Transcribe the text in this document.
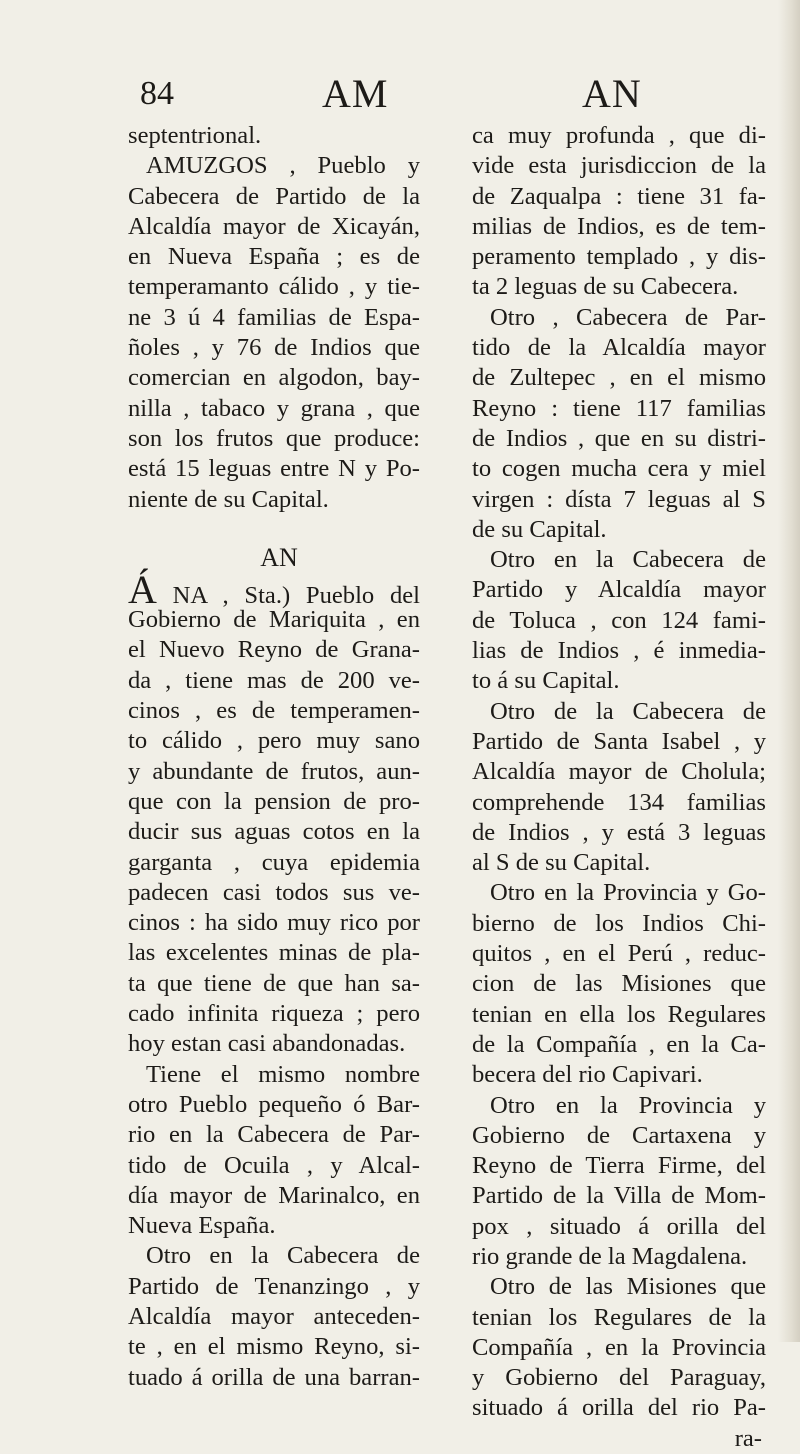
84	AM	AN
septentrional.
AMUZGOS , Pueblo y
Cabecera de Partido de la
Alcaldía mayor de Xicayán,
en Nueva España ; es de
temperamanto cálido , y tie-
ne 3 ú 4 familias de Espa-
ñoles , y 76 de Indios que
comercian en algodon, bay-
nilla , tabaco y grana , que
son los frutos que produce:
está 15 leguas entre N y Po-
niente de su Capital.
AN
Á NA , Sta.) Pueblo del
Gobierno de Mariquita , en
el Nuevo Reyno de Grana-
da , tiene mas de 200 ve-
cinos , es de temperamen-
to cálido , pero muy sano
y abundante de frutos, aun-
que con la pension de pro-
ducir sus aguas cotos en la
garganta , cuya epidemia
padecen casi todos sus ve-
cinos : ha sido muy rico por
las excelentes minas de pla-
ta que tiene de que han sa-
cado infinita riqueza ; pero
hoy estan casi abandonadas.
Tiene el mismo nombre
otro Pueblo pequeño ó Bar-
rio en la Cabecera de Par-
tido de Ocuila , y Alcal-
día mayor de Marinalco, en
Nueva España.
Otro en la Cabecera de
Partido de Tenanzingo , y
Alcaldía mayor anteceden-
te , en el mismo Reyno, si-
tuado á orilla de una barran-
ca muy profunda , que di-
vide esta jurisdiccion de la
de Zaqualpa : tiene 31 fa-
milias de Indios, es de tem-
peramento templado , y dis-
ta 2 leguas de su Cabecera.
Otro , Cabecera de Par-
tido de la Alcaldía mayor
de Zultepec , en el mismo
Reyno : tiene 117 familias
de Indios , que en su distri-
to cogen mucha cera y miel
virgen : dísta 7 leguas al S
de su Capital.
Otro en la Cabecera de
Partido y Alcaldía mayor
de Toluca , con 124 fami-
lias de Indios , é inmedia-
to á su Capital.
Otro de la Cabecera de
Partido de Santa Isabel , y
Alcaldía mayor de Cholula;
comprehende 134 familias
de Indios , y está 3 leguas
al S de su Capital.
Otro en la Provincia y Go-
bierno de los Indios Chi-
quitos , en el Perú , reduc-
cion de las Misiones que
tenian en ella los Regulares
de la Compañía , en la Ca-
becera del rio Capivari.
Otro en la Provincia y
Gobierno de Cartaxena y
Reyno de Tierra Firme, del
Partido de la Villa de Mom-
pox , situado á orilla del
rio grande de la Magdalena.
Otro de las Misiones que
tenian los Regulares de la
Compañía , en la Provincia
y Gobierno del Paraguay,
situado á orilla del rio Pa-
ra-
